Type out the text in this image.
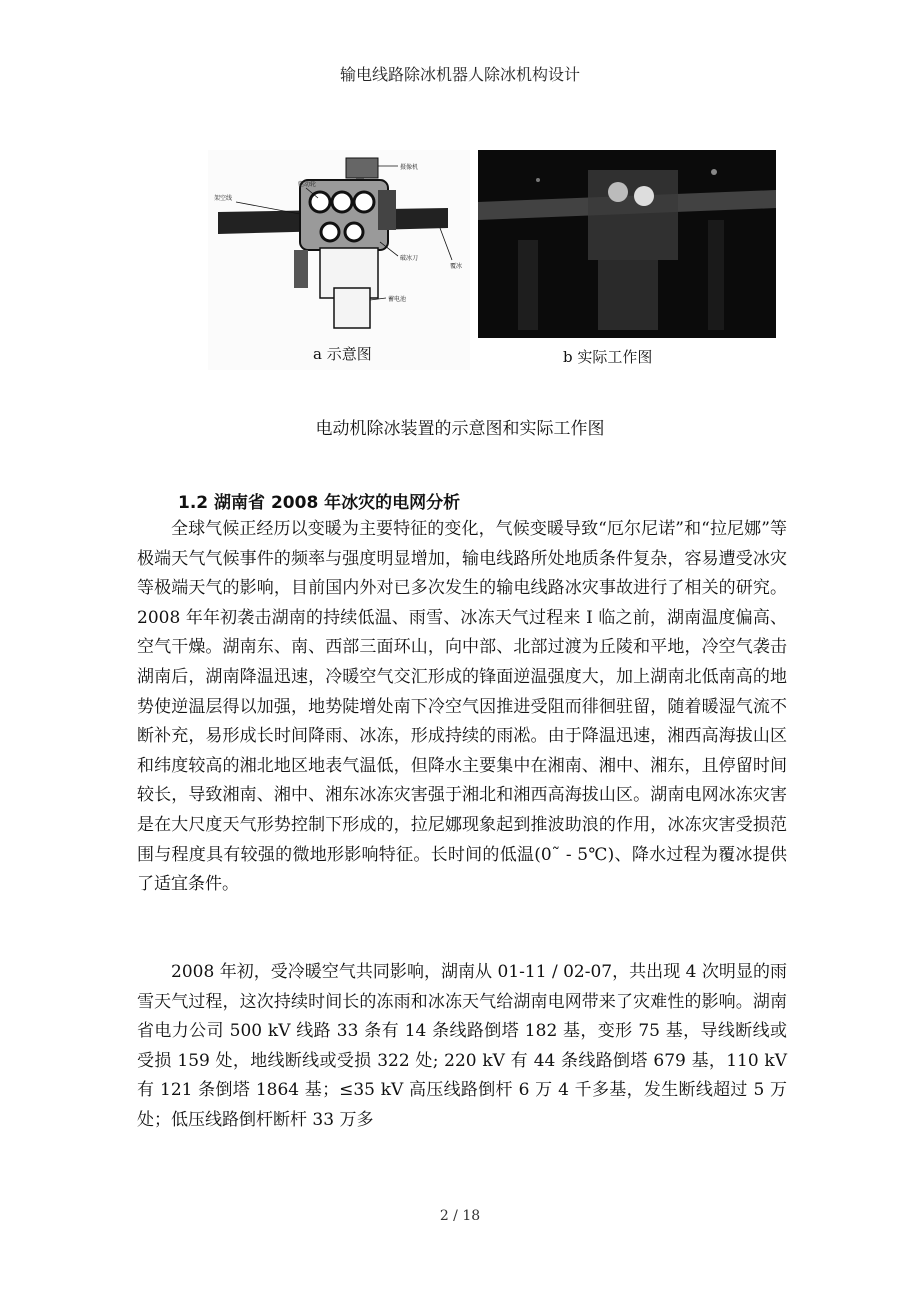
输电线路除冰机器人除冰机构设计
架空线
驱动轮
摄像机
破冰刀
覆冰
蓄电池
a 示意图	b 实际工作图
电动机除冰装置的示意图和实际工作图
1.2 湖南省 2008 年冰灾的电网分析

全球气候正经历以变暖为主要特征的变化，气候变暖导致“厄尔尼诺”和“拉尼娜”等极端天气气候事件的频率与强度明显增加，输电线路所处地质条件复杂，容易遭受冰灾等极端天气的影响，目前国内外对已多次发生的输电线路冰灾事故进行了相关的研究。2008 年年初袭击湖南的持续低温、雨雪、冰冻天气过程来 I 临之前，湖南温度偏高、空气干燥。湖南东、南、西部三面环山，向中部、北部过渡为丘陵和平地，冷空气袭击湖南后，湖南降温迅速，冷暖空气交汇形成的锋面逆温强度大，加上湖南北低南高的地势使逆温层得以加强，地势陡增处南下冷空气因推进受阻而徘徊驻留，随着暖湿气流不断补充，易形成长时间降雨、冰冻，形成持续的雨凇。由于降温迅速，湘西高海拔山区和纬度较高的湘北地区地表气温低，但降水主要集中在湘南、湘中、湘东，且停留时间较长，导致湘南、湘中、湘东冰冻灾害强于湘北和湘西高海拔山区。湖南电网冰冻灾害是在大尺度天气形势控制下形成的，拉尼娜现象起到推波助浪的作用，冰冻灾害受损范围与程度具有较强的微地形影响特征。长时间的低温(0˜ - 5℃)、降水过程为覆冰提供了适宜条件。

2008 年初，受冷暖空气共同影响，湖南从 01-11 / 02-07，共出现 4 次明显的雨雪天气过程，这次持续时间长的冻雨和冰冻天气给湖南电网带来了灾难性的影响。湖南省电力公司 500 kV 线路 33 条有 14 条线路倒塔 182 基，变形 75 基，导线断线或受损 159 处，地线断线或受损 322 处; 220 kV 有 44 条线路倒塔 679 基，110 kV 有 121 条倒塔 1864 基；≤35 kV 高压线路倒杆 6 万 4 千多基，发生断线超过 5 万处；低压线路倒杆断杆 33 万多

2 / 18
